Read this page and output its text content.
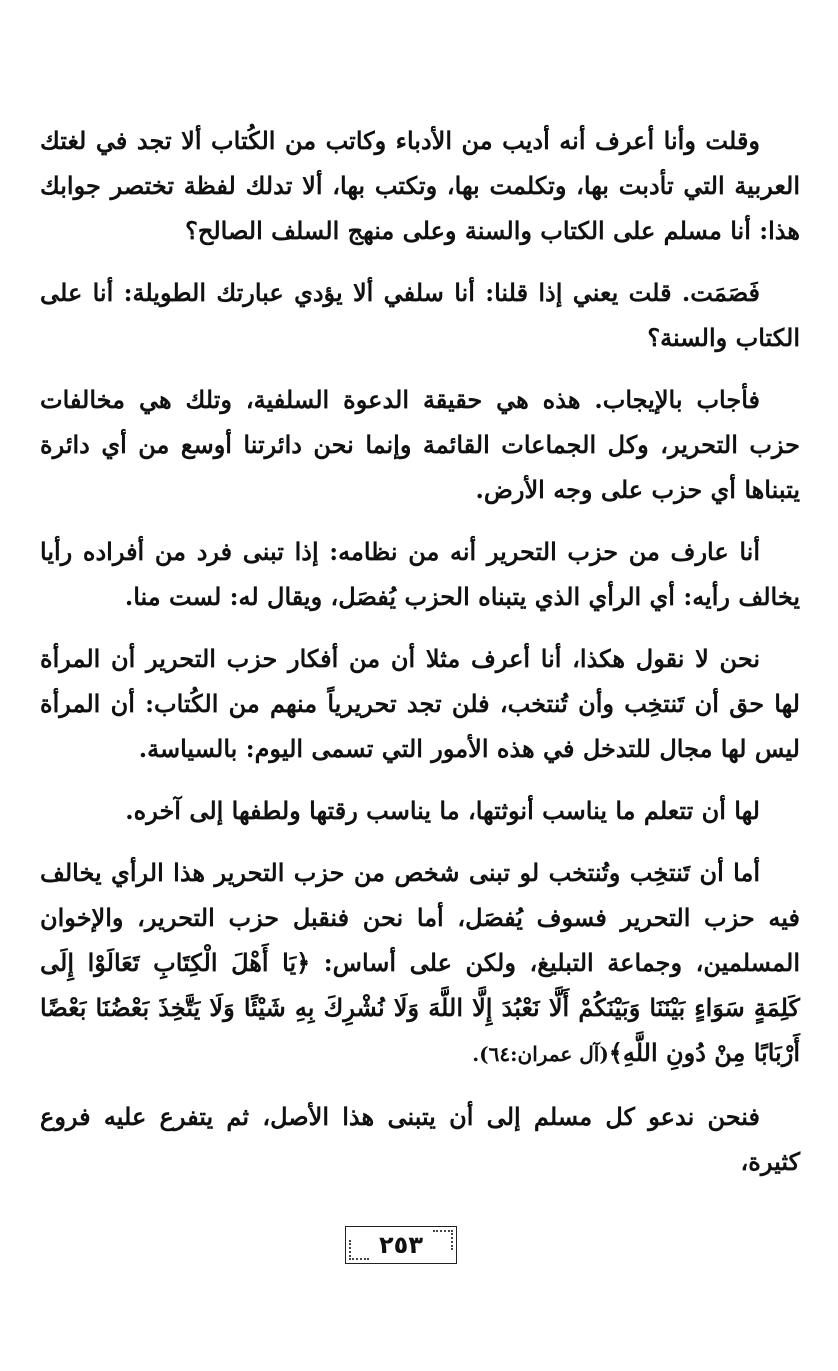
وقلت وأنا أعرف أنه أديب من الأدباء وكاتب من الكُتاب ألا تجد في لغتك العربية التي تأدبت بها، وتكلمت بها، وتكتب بها، ألا تدلك لفظة تختصر جوابك هذا: أنا مسلم على الكتاب والسنة وعلى منهج السلف الصالح؟

فَصَمَت. قلت يعني إذا قلنا: أنا سلفي ألا يؤدي عبارتك الطويلة: أنا على الكتاب والسنة؟

فأجاب بالإيجاب. هذه هي حقيقة الدعوة السلفية، وتلك هي مخالفات حزب التحرير، وكل الجماعات القائمة وإنما نحن دائرتنا أوسع من أي دائرة يتبناها أي حزب على وجه الأرض.

أنا عارف من حزب التحرير أنه من نظامه: إذا تبنى فرد من أفراده رأيا يخالف رأيه: أي الرأي الذي يتبناه الحزب يُفصَل، ويقال له: لست منا.

نحن لا نقول هكذا، أنا أعرف مثلا أن من أفكار حزب التحرير أن المرأة لها حق أن تَنتخِب وأن تُنتخب، فلن تجد تحريرياً منهم من الكُتاب: أن المرأة ليس لها مجال للتدخل في هذه الأمور التي تسمى اليوم: بالسياسة.

لها أن تتعلم ما يناسب أنوثتها، ما يناسب رقتها ولطفها إلى آخره.

أما أن تَنتخِب وتُنتخب لو تبنى شخص من حزب التحرير هذا الرأي يخالف فيه حزب التحرير فسوف يُفصَل، أما نحن فنقبل حزب التحرير، والإخوان المسلمين، وجماعة التبليغ، ولكن على أساس: ﴿يَا أَهْلَ الْكِتَابِ تَعَالَوْا إِلَى كَلِمَةٍ سَوَاءٍ بَيْنَنَا وَبَيْنَكُمْ أَلَّا نَعْبُدَ إِلَّا اللَّهَ وَلَا نُشْرِكَ بِهِ شَيْئًا وَلَا يَتَّخِذَ بَعْضُنَا بَعْضًا أَرْبَابًا مِنْ دُونِ اللَّهِ﴾(آل عمران:٦٤).

فنحن ندعو كل مسلم إلى أن يتبنى هذا الأصل، ثم يتفرع عليه فروع كثيرة،

٢٥٣
